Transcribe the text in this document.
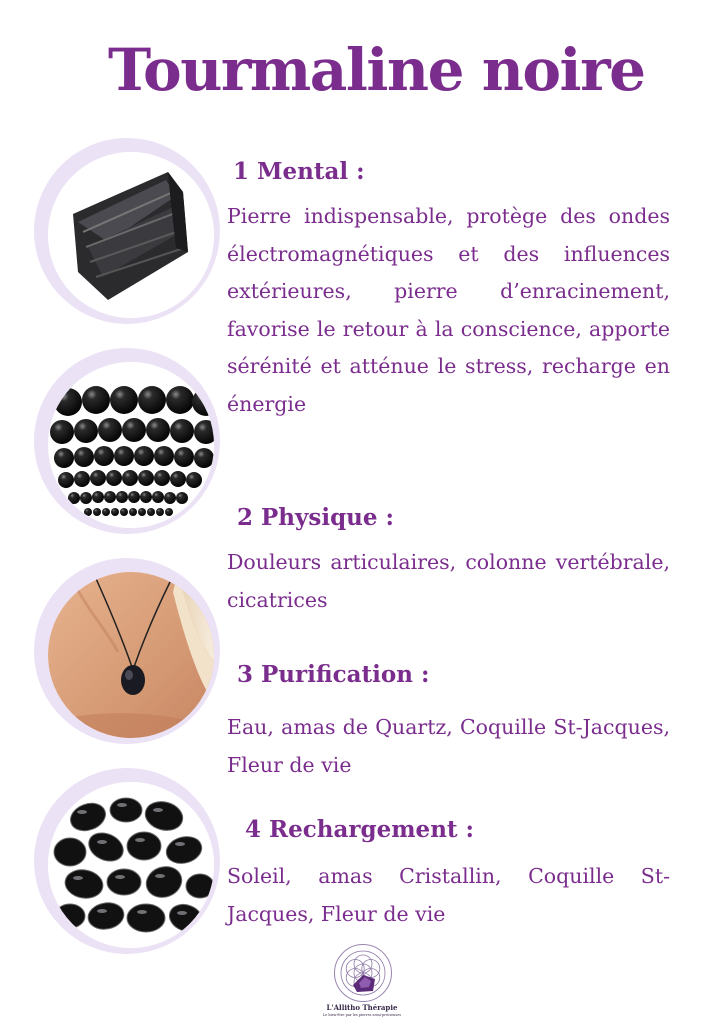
Tourmaline noire
1 Mental :
Pierre indispensable, protège des ondes électromagnétiques et des influences extérieures, pierre d’enracinement, favorise le retour à la conscience, apporte sérénité et atténue le stress, recharge en énergie
2 Physique :
Douleurs articulaires, colonne vertébrale, cicatrices
3 Purification :
Eau, amas de Quartz, Coquille St-Jacques, Fleur de vie
4 Rechargement :
Soleil, amas Cristallin, Coquille St-Jacques, Fleur de vie
L'Allitho Thérapie
Le bien-être par les pierres semi-précieuses
